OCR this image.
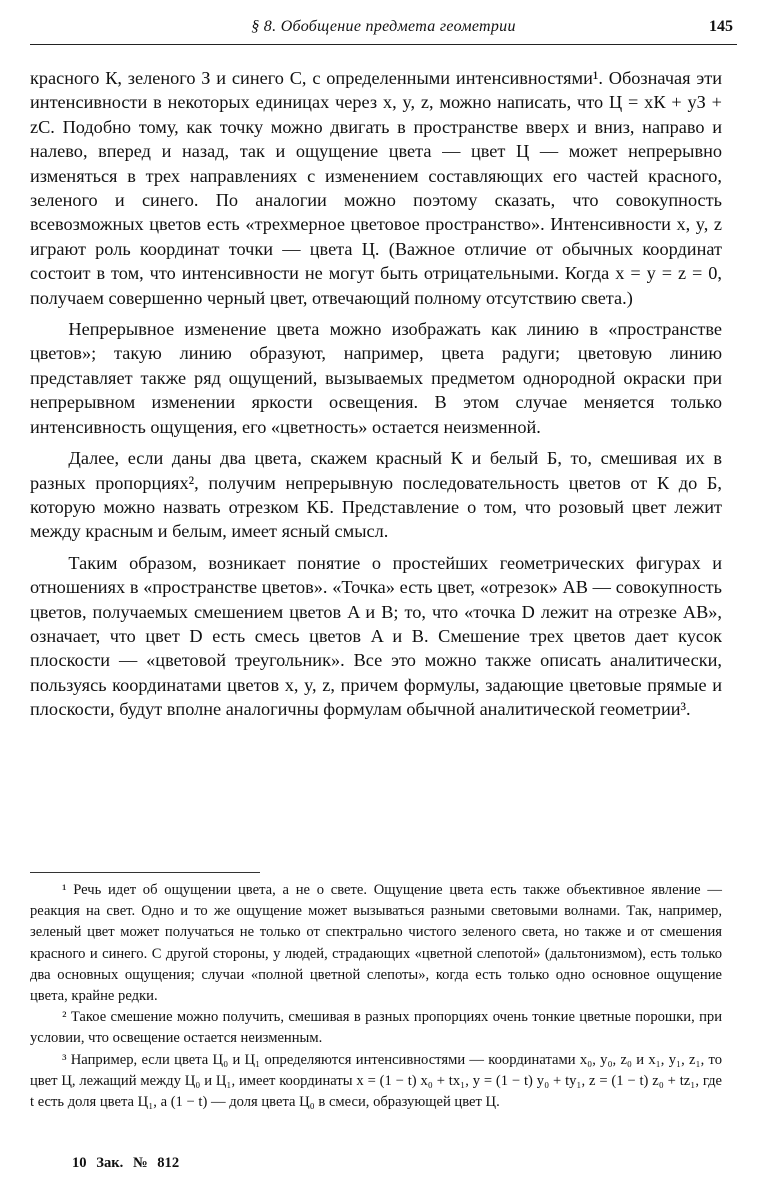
§ 8. Обобщение предмета геометрии	145

красного К, зеленого З и синего С, с определенными интенсивностями¹. Обозначая эти интенсивности в некоторых единицах через x, y, z, можно написать, что Ц = xК + yЗ + zС. Подобно тому, как точку можно двигать в пространстве вверх и вниз, направо и налево, вперед и назад, так и ощущение цвета — цвет Ц — может непрерывно изменяться в трех направлениях с изменением составляющих его частей красного, зеленого и синего. По аналогии можно поэтому сказать, что совокупность всевозможных цветов есть «трехмерное цветовое пространство». Интенсивности x, y, z играют роль координат точки — цвета Ц. (Важное отличие от обычных координат состоит в том, что интенсивности не могут быть отрицательными. Когда x = y = z = 0, получаем совершенно черный цвет, отвечающий полному отсутствию света.)

Непрерывное изменение цвета можно изображать как линию в «пространстве цветов»; такую линию образуют, например, цвета радуги; цветовую линию представляет также ряд ощущений, вызываемых предметом однородной окраски при непрерывном изменении яркости освещения. В этом случае меняется только интенсивность ощущения, его «цветность» остается неизменной.

Далее, если даны два цвета, скажем красный К и белый Б, то, смешивая их в разных пропорциях², получим непрерывную последовательность цветов от К до Б, которую можно назвать отрезком КБ. Представление о том, что розовый цвет лежит между красным и белым, имеет ясный смысл.

Таким образом, возникает понятие о простейших геометрических фигурах и отношениях в «пространстве цветов». «Точка» есть цвет, «отрезок» AB — совокупность цветов, получаемых смешением цветов A и B; то, что «точка D лежит на отрезке AB», означает, что цвет D есть смесь цветов A и B. Смешение трех цветов дает кусок плоскости — «цветовой треугольник». Все это можно также описать аналитически, пользуясь координатами цветов x, y, z, причем формулы, задающие цветовые прямые и плоскости, будут вполне аналогичны формулам обычной аналитической геометрии³.

¹ Речь идет об ощущении цвета, а не о свете. Ощущение цвета есть также объективное явление — реакция на свет. Одно и то же ощущение может вызываться разными световыми волнами. Так, например, зеленый цвет может получаться не только от спектрально чистого зеленого света, но также и от смешения красного и синего. С другой стороны, у людей, страдающих «цветной слепотой» (дальтонизмом), есть только два основных ощущения; случаи «полной цветной слепоты», когда есть только одно основное ощущение цвета, крайне редки.

² Такое смешение можно получить, смешивая в разных пропорциях очень тонкие цветные порошки, при условии, что освещение остается неизменным.

³ Например, если цвета Ц₀ и Ц₁ определяются интенсивностями — координатами x₀, y₀, z₀ и x₁, y₁, z₁, то цвет Ц, лежащий между Ц₀ и Ц₁, имеет координаты x = (1 − t) x₀ + tx₁, y = (1 − t) y₀ + ty₁, z = (1 − t) z₀ + tz₁, где t есть доля цвета Ц₁, а (1 − t) — доля цвета Ц₀ в смеси, образующей цвет Ц.

10 Зак. № 812
